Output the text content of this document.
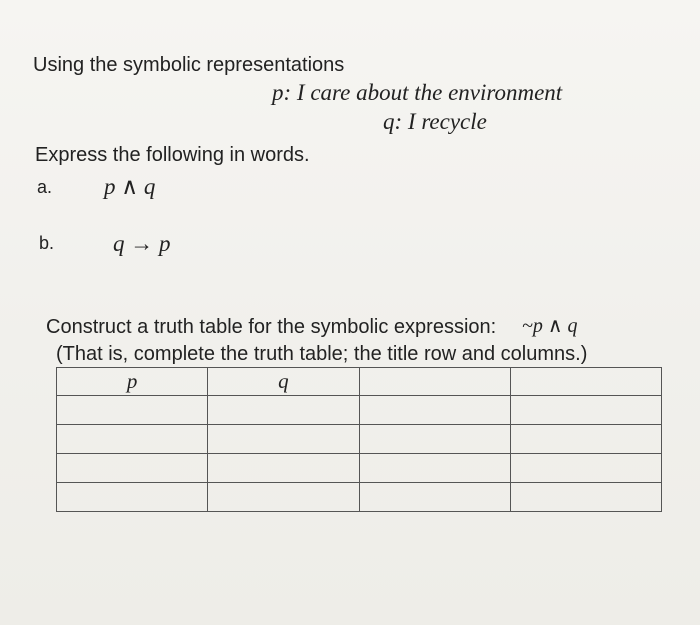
Using the symbolic representations
p: I care about the environment
q: I recycle
Express the following in words.
a. p ∧ q
b.	q → p
Construct a truth table for the symbolic expression: ~p ∧ q
(That is, complete the truth table; the title row and columns.)
p	q		
